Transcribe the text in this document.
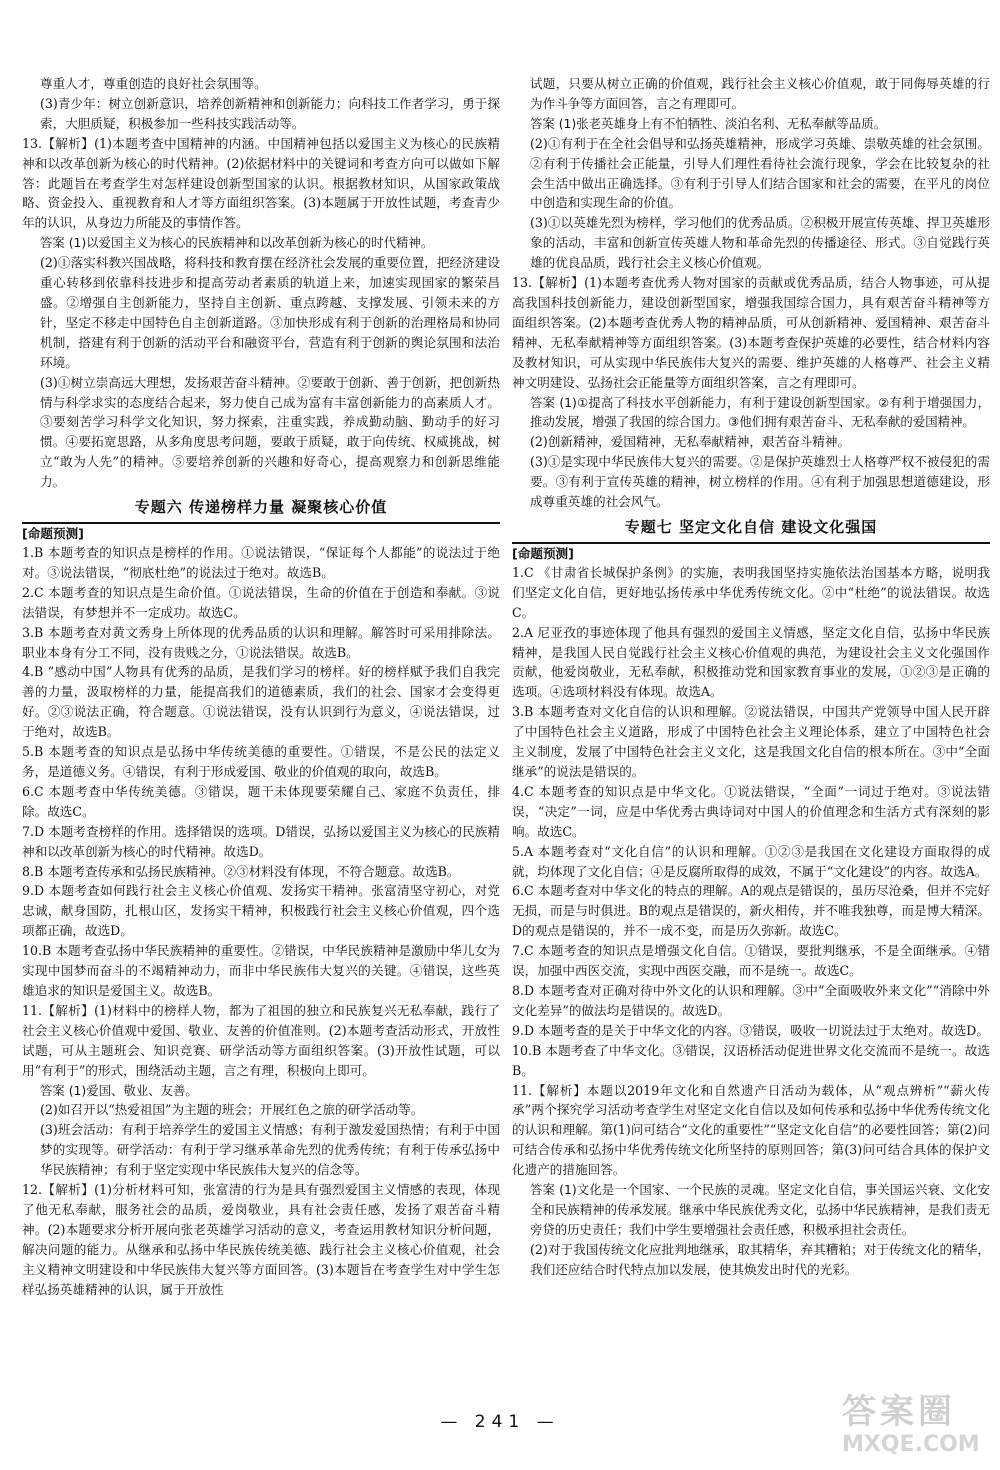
尊重人才，尊重创造的良好社会氛围等。
(3)青少年：树立创新意识，培养创新精神和创新能力；向科技工作者学习，勇于探索，大胆质疑，积极参加一些科技实践活动等。
13.【解析】(1)本题考查中国精神的内涵。中国精神包括以爱国主义为核心的民族精神和以改革创新为核心的时代精神。(2)依据材料中的关键词和考查方向可以做如下解答：此题旨在考查学生对怎样建设创新型国家的认识。根据教材知识，从国家政策战略、资金投入、重视教育和人才等方面组织答案。(3)本题属于开放性试题，考查青少年的认识，从身边力所能及的事情作答。
答案 (1)以爱国主义为核心的民族精神和以改革创新为核心的时代精神。
(2)①落实科教兴国战略，将科技和教育摆在经济社会发展的重要位置，把经济建设重心转移到依靠科技进步和提高劳动者素质的轨道上来，加速实现国家的繁荣昌盛。②增强自主创新能力，坚持自主创新、重点跨越、支撑发展、引领未来的方针，坚定不移走中国特色自主创新道路。③加快形成有利于创新的治理格局和协同机制，搭建有利于创新的活动平台和融资平台，营造有利于创新的舆论氛围和法治环境。
(3)①树立崇高远大理想，发扬艰苦奋斗精神。②要敢于创新、善于创新，把创新热情与科学求实的态度结合起来，努力使自己成为富有丰富创新能力的高素质人才。③要刻苦学习科学文化知识，努力探索，注重实践，养成勤动脑、勤动手的好习惯。④要拓宽思路，从多角度思考问题，要敢于质疑，敢于向传统、权威挑战，树立“敢为人先”的精神。⑤要培养创新的兴趣和好奇心，提高观察力和创新思维能力。
专题六 传递榜样力量 凝聚核心价值
[命题预测]
1.B 本题考查的知识点是榜样的作用。①说法错误，“保证每个人都能”的说法过于绝对。③说法错误，“彻底杜绝”的说法过于绝对。故选B。
2.C 本题考查的知识点是生命价值。①说法错误，生命的价值在于创造和奉献。③说法错误，有梦想并不一定成功。故选C。
3.B 本题考查对黄文秀身上所体现的优秀品质的认识和理解。解答时可采用排除法。职业本身有分工不同，没有贵贱之分，①说法错误。故选B。
4.B “感动中国”人物具有优秀的品质，是我们学习的榜样。好的榜样赋予我们自我完善的力量，汲取榜样的力量，能提高我们的道德素质，我们的社会、国家才会变得更好。②③说法正确，符合题意。①说法错误，没有认识到行为意义，④说法错误，过于绝对，故选B。
5.B 本题考查的知识点是弘扬中华传统美德的重要性。①错误，不是公民的法定义务，是道德义务。④错误，有利于形成爱国、敬业的价值观的取向，故选B。
6.C 本题考查中华传统美德。③错误，题干未体现要荣耀自己、家庭不负责任，排除。故选C。
7.D 本题考查榜样的作用。选择错误的选项。D错误，弘扬以爱国主义为核心的民族精神和以改革创新为核心的时代精神。故选D。
8.B 本题考查传承和弘扬民族精神。②③材料没有体现，不符合题意。故选B。
9.D 本题考查如何践行社会主义核心价值观、发扬实干精神。张富清坚守初心，对党忠诚，献身国防，扎根山区，发扬实干精神，积极践行社会主义核心价值观，四个选项都正确，故选D。
10.B 本题考查弘扬中华民族精神的重要性。②错误，中华民族精神是激励中华儿女为实现中国梦而奋斗的不竭精神动力，而非中华民族伟大复兴的关键。④错误，这些英雄追求的知识是爱国主义。故选B。
11.【解析】(1)材料中的榜样人物，都为了祖国的独立和民族复兴无私奉献，践行了社会主义核心价值观中爱国、敬业、友善的价值准则。(2)本题考查活动形式，开放性试题，可从主题班会、知识竞赛、研学活动等方面组织答案。(3)开放性试题，可以用“有利于”的形式，围绕活动主题，言之有理，积极向上即可。
答案 (1)爱国、敬业、友善。
(2)如召开以“热爱祖国”为主题的班会；开展红色之旅的研学活动等。
(3)班会活动：有利于培养学生的爱国主义情感；有利于激发爱国热情；有利于中国梦的实现等。研学活动：有利于学习继承革命先烈的优秀传统；有利于传承弘扬中华民族精神；有利于坚定实现中华民族伟大复兴的信念等。
12.【解析】(1)分析材料可知，张富清的行为是具有强烈爱国主义情感的表现，体现了他无私奉献，服务社会的品质，爱岗敬业，具有社会责任感，发扬了艰苦奋斗精神。(2)本题要求分析开展向张老英雄学习活动的意义，考查运用教材知识分析问题，解决问题的能力。从继承和弘扬中华民族传统美德、践行社会主义核心价值观，社会主义精神文明建设和中华民族伟大复兴等方面回答。(3)本题旨在考查学生对中学生怎样弘扬英雄精神的认识，属于开放性
试题，只要从树立正确的价值观，践行社会主义核心价值观，敢于同侮辱英雄的行为作斗争等方面回答，言之有理即可。
答案 (1)张老英雄身上有不怕牺牲、淡泊名利、无私奉献等品质。
(2)①有利于在全社会倡导和弘扬英雄精神，形成学习英雄、崇敬英雄的社会氛围。②有利于传播社会正能量，引导人们理性看待社会流行现象，学会在比较复杂的社会生活中做出正确选择。③有利于引导人们结合国家和社会的需要，在平凡的岗位中创造和实现生命的价值。
(3)①以英雄先烈为榜样，学习他们的优秀品质。②积极开展宣传英雄、捍卫英雄形象的活动，丰富和创新宣传英雄人物和革命先烈的传播途径、形式。③自觉践行英雄的优良品质，践行社会主义核心价值观。
13.【解析】(1)本题考查优秀人物对国家的贡献或优秀品质，结合人物事迹，可从提高我国科技创新能力，建设创新型国家，增强我国综合国力，具有艰苦奋斗精神等方面组织答案。(2)本题考查优秀人物的精神品质，可从创新精神、爱国精神、艰苦奋斗精神、无私奉献精神等方面组织答案。(3)本题考查保护英雄的必要性，结合材料内容及教材知识，可从实现中华民族伟大复兴的需要、维护英雄的人格尊严、社会主义精神文明建设、弘扬社会正能量等方面组织答案，言之有理即可。
答案 (1)①提高了科技水平创新能力，有利于建设创新型国家。②有利于增强国力，推动发展，增强了我国的综合国力。③他们拥有艰苦奋斗、无私奉献的爱国精神。
(2)创新精神，爱国精神，无私奉献精神，艰苦奋斗精神。
(3)①是实现中华民族伟大复兴的需要。②是保护英雄烈士人格尊严权不被侵犯的需要。③有利于宣传英雄的精神，树立榜样的作用。④有利于加强思想道德建设，形成尊重英雄的社会风气。
专题七 坚定文化自信 建设文化强国
[命题预测]
1.C 《甘肃省长城保护条例》的实施，表明我国坚持实施依法治国基本方略，说明我们坚定文化自信，更好地弘扬传承中华优秀传统文化。②中“杜绝”的说法错误。故选C。
2.A 尼亚孜的事迹体现了他具有强烈的爱国主义情感，坚定文化自信，弘扬中华民族精神，是我国人民自觉践行社会主义核心价值观的典范，为建设社会主义文化强国作贡献，他爱岗敬业，无私奉献，积极推动党和国家教育事业的发展，①②③是正确的选项。④选项材料没有体现。故选A。
3.B 本题考查对文化自信的认识和理解。②说法错误，中国共产党领导中国人民开辟了中国特色社会主义道路，形成了中国特色社会主义理论体系，建立了中国特色社会主义制度，发展了中国特色社会主义文化，这是我国文化自信的根本所在。③中“全面继承”的说法是错误的。
4.C 本题考查的知识点是中华文化。①说法错误，“全面”一词过于绝对。③说法错误，“决定”一词，应是中华优秀古典诗词对中国人的价值理念和生活方式有深刻的影响。故选C。
5.A 本题考查对“文化自信”的认识和理解。①②③是我国在文化建设方面取得的成就，均体现了文化自信；④是反腐所取得的成效，不属于“文化建设”的内容。故选A。
6.C 本题考查对中华文化的特点的理解。A的观点是错误的，虽历尽沧桑，但并不完好无损，而是与时俱进。B的观点是错误的，新火相传，并不唯我独尊，而是博大精深。D的观点是错误的，并不一成不变，而是历久弥新。故选C。
7.C 本题考查的知识点是增强文化自信。①错误，要批判继承，不是全面继承。④错误，加强中西医交流，实现中西医交融，而不是统一。故选C。
8.D 本题考查对正确对待中外文化的认识和理解。③中“全面吸收外来文化”“消除中外文化差异”的做法均是错误的。故选D。
9.D 本题考查的是关于中华文化的内容。③错误，吸收一切说法过于太绝对。故选D。
10.B 本题考查了中华文化。③错误，汉语桥活动促进世界文化交流而不是统一。故选B。
11.【解析】本题以2019年文化和自然遗产日活动为载体，从“观点辨析”“薪火传承”两个探究学习活动考查学生对坚定文化自信以及如何传承和弘扬中华优秀传统文化的认识和理解。第(1)问可结合“文化的重要性”“坚定文化自信”的必要性回答；第(2)问可结合传承和弘扬中华优秀传统文化所坚持的原则回答；第(3)问可结合具体的保护文化遗产的措施回答。
答案 (1)文化是一个国家、一个民族的灵魂。坚定文化自信，事关国运兴衰、文化安全和民族精神的传承发展。继承中华民族优秀文化，弘扬中华民族精神，是我们责无旁贷的历史责任；我们中学生要增强社会责任感，积极承担社会责任。
(2)对于我国传统文化应批判地继承，取其精华，弃其糟粕；对于传统文化的精华，我们还应结合时代特点加以发展，使其焕发出时代的光彩。
— 241 —	答案圈
MXQE.COM
